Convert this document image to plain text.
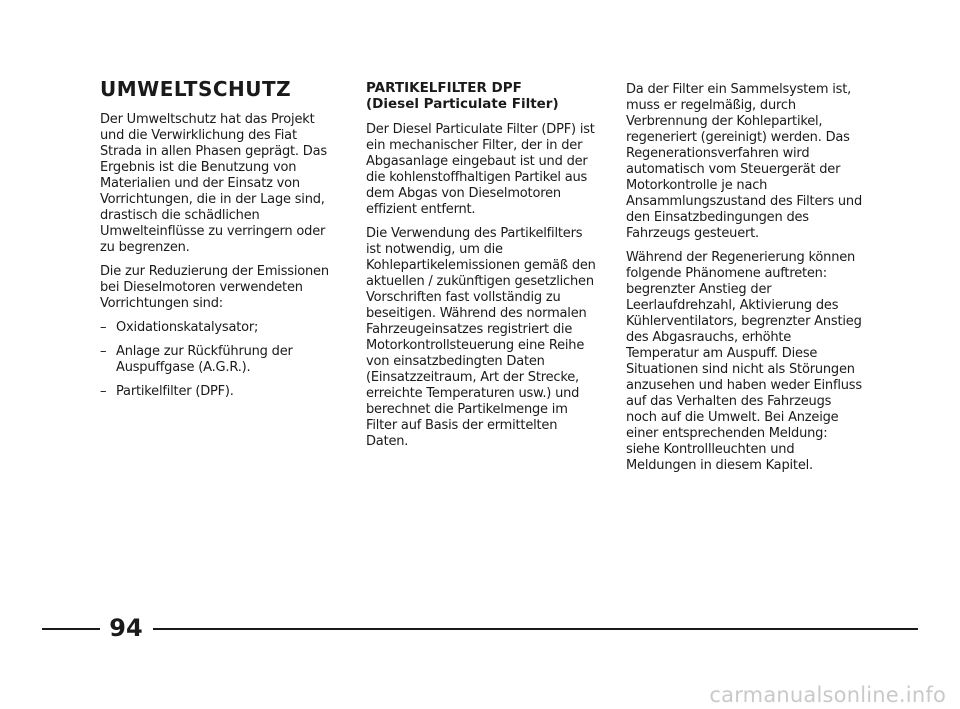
UMWELTSCHUTZ

Der Umweltschutz hat das Projekt und die Verwirklichung des Fiat Strada in allen Phasen geprägt. Das Ergebnis ist die Benutzung von Materialien und der Einsatz von Vorrichtungen, die in der Lage sind, drastisch die schädlichen Umwelteinflüsse zu verringern oder zu begrenzen.

Die zur Reduzierung der Emissionen bei Dieselmotoren verwendeten Vorrichtungen sind:

– Oxidationskatalysator;
– Anlage zur Rückführung der Auspuffgase (A.G.R.).
– Partikelfilter (DPF).
PARTIKELFILTER DPF
(Diesel Particulate Filter)

Der Diesel Particulate Filter (DPF) ist ein mechanischer Filter, der in der Abgasanlage eingebaut ist und der die kohlenstoffhaltigen Partikel aus dem Abgas von Dieselmotoren effizient entfernt.

Die Verwendung des Partikelfilters ist notwendig, um die Kohlepartikelemissionen gemäß den aktuellen / zukünftigen gesetzlichen Vorschriften fast vollständig zu beseitigen. Während des normalen Fahrzeugeinsatzes registriert die Motorkontrollsteuerung eine Reihe von einsatzbedingten Daten (Einsatzzeitraum, Art der Strecke, erreichte Temperaturen usw.) und berechnet die Partikelmenge im Filter auf Basis der ermittelten Daten.

Da der Filter ein Sammelsystem ist, muss er regelmäßig, durch Verbrennung der Kohlepartikel, regeneriert (gereinigt) werden. Das Regenerationsverfahren wird automatisch vom Steuergerät der Motorkontrolle je nach Ansammlungszustand des Filters und den Einsatzbedingungen des Fahrzeugs gesteuert.

Während der Regenerierung können folgende Phänomene auftreten: begrenzter Anstieg der Leerlaufdrehzahl, Aktivierung des Kühlerventilators, begrenzter Anstieg des Abgasrauchs, erhöhte Temperatur am Auspuff. Diese Situationen sind nicht als Störungen anzusehen und haben weder Einfluss auf das Verhalten des Fahrzeugs noch auf die Umwelt. Bei Anzeige einer entsprechenden Meldung: siehe Kontrollleuchten und Meldungen in diesem Kapitel.

94
carmanualsonline.info
